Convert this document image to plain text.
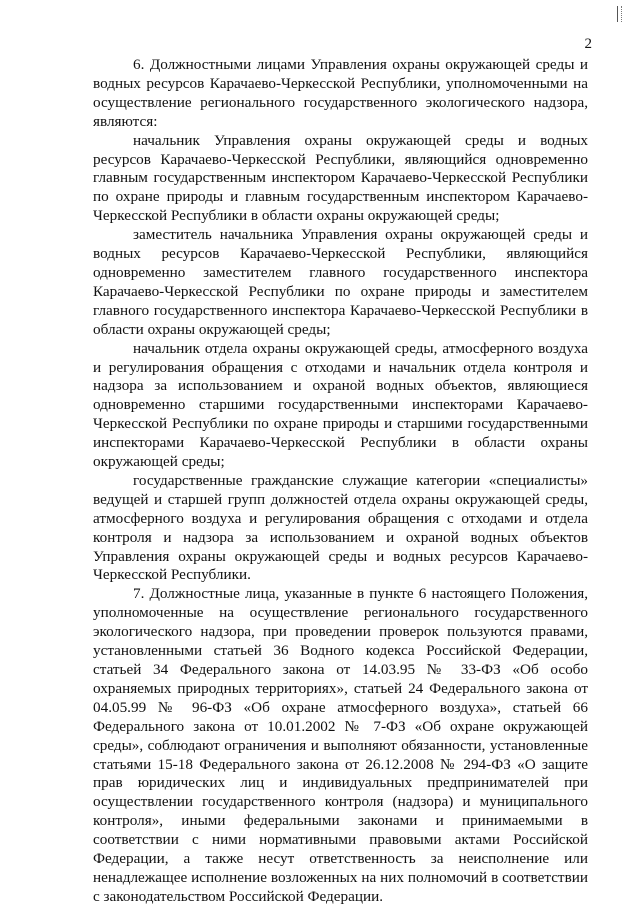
2

6. Должностными лицами Управления охраны окружающей среды и водных ресурсов Карачаево-Черкесской Республики, уполномоченными на осуществление регионального государственного экологического надзора, являются:

начальник Управления охраны окружающей среды и водных ресурсов Карачаево-Черкесской Республики, являющийся одновременно главным государственным инспектором Карачаево-Черкесской Республики по охране природы и главным государственным инспектором Карачаево-Черкесской Республики в области охраны окружающей среды;

заместитель начальника Управления охраны окружающей среды и водных ресурсов Карачаево-Черкесской Республики, являющийся одновременно заместителем главного государственного инспектора Карачаево-Черкесской Республики по охране природы и заместителем главного государственного инспектора Карачаево-Черкесской Республики в области охраны окружающей среды;

начальник отдела охраны окружающей среды, атмосферного воздуха и регулирования обращения с отходами и начальник отдела контроля и надзора за использованием и охраной водных объектов, являющиеся одновременно старшими государственными инспекторами Карачаево-Черкесской Республики по охране природы и старшими государственными инспекторами Карачаево-Черкесской Республики в области охраны окружающей среды;

государственные гражданские служащие категории «специалисты» ведущей и старшей групп должностей отдела охраны окружающей среды, атмосферного воздуха и регулирования обращения с отходами и отдела контроля и надзора за использованием и охраной водных объектов Управления охраны окружающей среды и водных ресурсов Карачаево-Черкесской Республики.

7. Должностные лица, указанные в пункте 6 настоящего Положения, уполномоченные на осуществление регионального государственного экологического надзора, при проведении проверок пользуются правами, установленными статьей 36 Водного кодекса Российской Федерации, статьей 34 Федерального закона от 14.03.95 № 33-ФЗ «Об особо охраняемых природных территориях», статьей 24 Федерального закона от 04.05.99 № 96-ФЗ «Об охране атмосферного воздуха», статьей 66 Федерального закона от 10.01.2002 № 7-ФЗ «Об охране окружающей среды», соблюдают ограничения и выполняют обязанности, установленные статьями 15-18 Федерального закона от 26.12.2008 № 294-ФЗ «О защите прав юридических лиц и индивидуальных предпринимателей при осуществлении государственного контроля (надзора) и муниципального контроля», иными федеральными законами и принимаемыми в соответствии с ними нормативными правовыми актами Российской Федерации, а также несут ответственность за неисполнение или ненадлежащее исполнение возложенных на них полномочий в соответствии с законодательством Российской Федерации.
